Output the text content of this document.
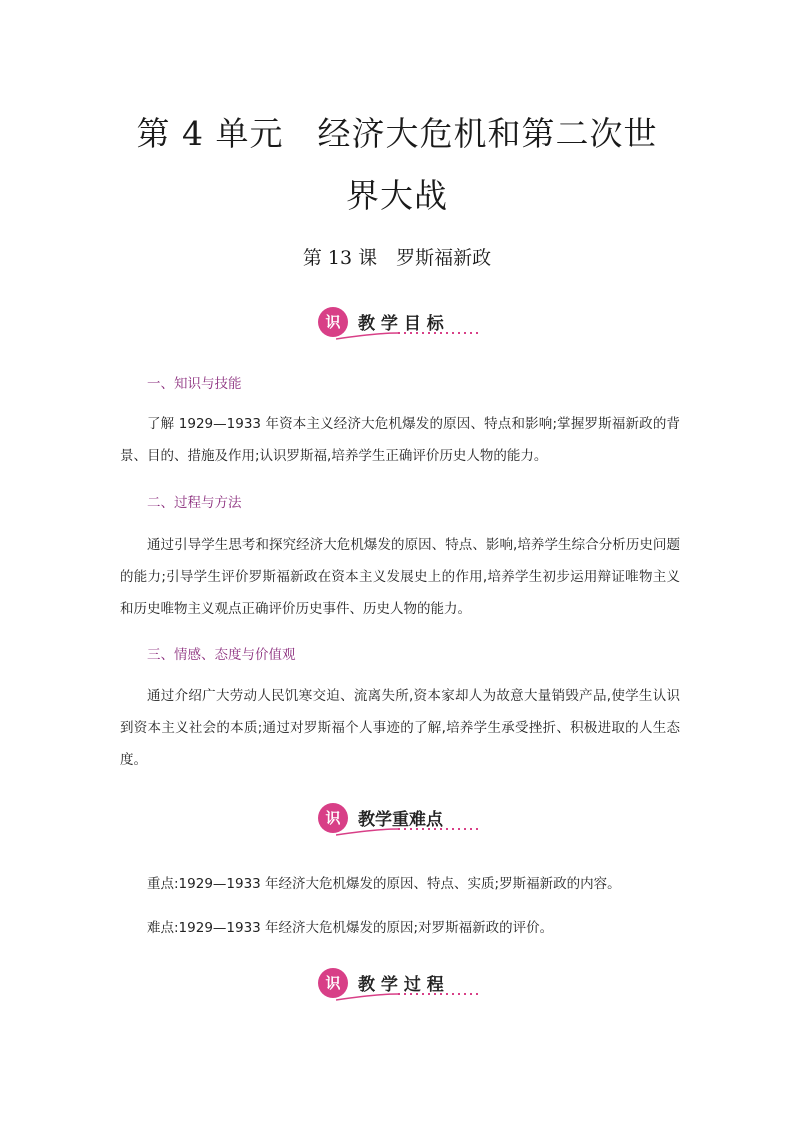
第 4 单元　经济大危机和第二次世
界大战
第 13 课　罗斯福新政
识	教 学 目 标
一、知识与技能
了解 1929—1933 年资本主义经济大危机爆发的原因、特点和影响;掌握罗斯福新政的背景、目的、措施及作用;认识罗斯福,培养学生正确评价历史人物的能力。
二、过程与方法
通过引导学生思考和探究经济大危机爆发的原因、特点、影响,培养学生综合分析历史问题的能力;引导学生评价罗斯福新政在资本主义发展史上的作用,培养学生初步运用辩证唯物主义和历史唯物主义观点正确评价历史事件、历史人物的能力。
三、情感、态度与价值观
通过介绍广大劳动人民饥寒交迫、流离失所,资本家却人为故意大量销毁产品,使学生认识到资本主义社会的本质;通过对罗斯福个人事迹的了解,培养学生承受挫折、积极进取的人生态度。
识	教学重难点
重点:1929—1933 年经济大危机爆发的原因、特点、实质;罗斯福新政的内容。
难点:1929—1933 年经济大危机爆发的原因;对罗斯福新政的评价。
识	教 学 过 程
